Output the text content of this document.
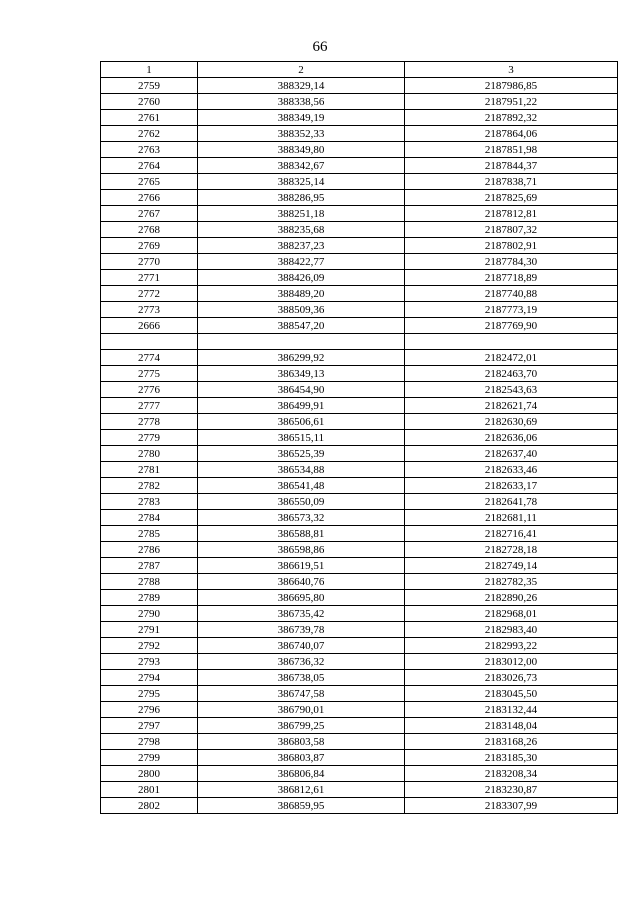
66
1	2	3
2759	388329,14	2187986,85
2760	388338,56	2187951,22
2761	388349,19	2187892,32
2762	388352,33	2187864,06
2763	388349,80	2187851,98
2764	388342,67	2187844,37
2765	388325,14	2187838,71
2766	388286,95	2187825,69
2767	388251,18	2187812,81
2768	388235,68	2187807,32
2769	388237,23	2187802,91
2770	388422,77	2187784,30
2771	388426,09	2187718,89
2772	388489,20	2187740,88
2773	388509,36	2187773,19
2666	388547,20	2187769,90

2774	386299,92	2182472,01
2775	386349,13	2182463,70
2776	386454,90	2182543,63
2777	386499,91	2182621,74
2778	386506,61	2182630,69
2779	386515,11	2182636,06
2780	386525,39	2182637,40
2781	386534,88	2182633,46
2782	386541,48	2182633,17
2783	386550,09	2182641,78
2784	386573,32	2182681,11
2785	386588,81	2182716,41
2786	386598,86	2182728,18
2787	386619,51	2182749,14
2788	386640,76	2182782,35
2789	386695,80	2182890,26
2790	386735,42	2182968,01
2791	386739,78	2182983,40
2792	386740,07	2182993,22
2793	386736,32	2183012,00
2794	386738,05	2183026,73
2795	386747,58	2183045,50
2796	386790,01	2183132,44
2797	386799,25	2183148,04
2798	386803,58	2183168,26
2799	386803,87	2183185,30
2800	386806,84	2183208,34
2801	386812,61	2183230,87
2802	386859,95	2183307,99
